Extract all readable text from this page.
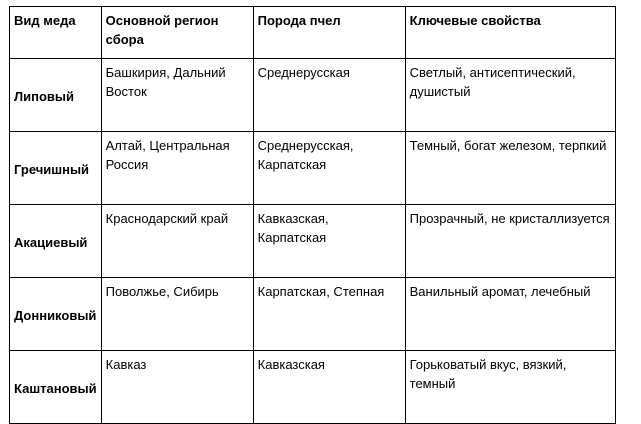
Вид меда	Основной регион сбора	Порода пчел	Ключевые свойства
Липовый	Башкирия, Дальний Восток	Среднерусская	Светлый, антисептический, душистый
Гречишный	Алтай, Центральная Россия	Среднерусская, Карпатская	Темный, богат железом, терпкий
Акациевый	Краснодарский край	Кавказская, Карпатская	Прозрачный, не кристаллизуется
Донниковый	Поволжье, Сибирь	Карпатская, Степная	Ванильный аромат, лечебный
Каштановый	Кавказ	Кавказская	Горьковатый вкус, вязкий, темный
